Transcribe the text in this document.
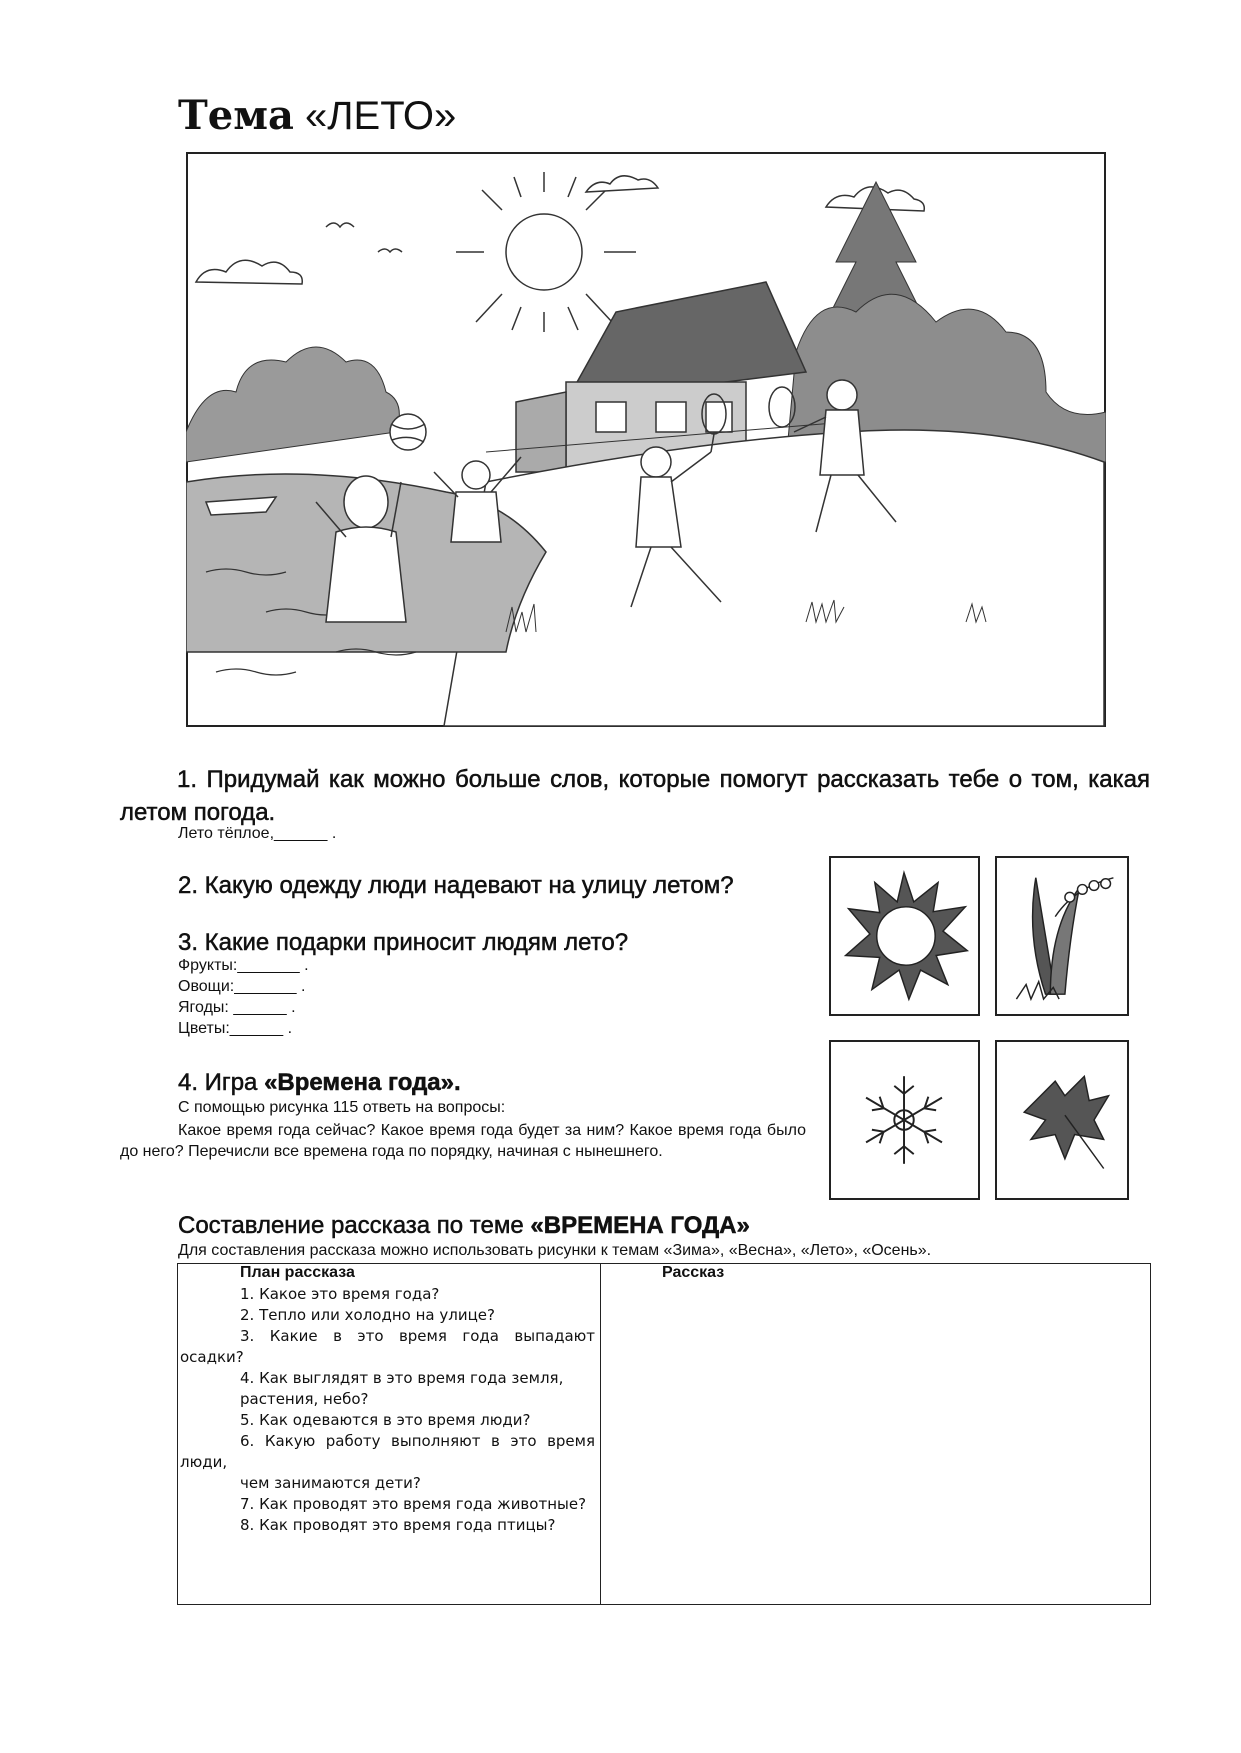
Тема «ЛЕТО»
1. Придумай как можно больше слов, которые помогут рассказать тебе о том, какая летом погода.
Лето тёплое,______ .
2. Какую одежду люди надевают на улицу летом?
3. Какие подарки приносит людям лето?
Фрукты:_______ .
Овощи:_______ .
Ягоды: ______ .
Цветы:______ .
4. Игра «Времена года».
С помощью рисунка 115 ответь на вопросы:
Какое время года сейчас? Какое время года будет за ним? Какое время года было до него? Перечисли все времена года по порядку, начиная с нынешнего.
Составление рассказа по теме «ВРЕМЕНА ГОДА»
Для составления рассказа можно использовать рисунки к темам «Зима», «Весна», «Лето», «Осень».
План рассказа	Рассказ
1. Какое это время года?
2. Тепло или холодно на улице?
3. Какие в это время года выпадают осадки?
4. Как выглядят в это время года земля,
растения, небо?
5. Как одеваются в это время люди?
6. Какую работу выполняют в это время люди,
чем занимаются дети?
7. Как проводят это время года животные?
8. Как проводят это время года птицы?
